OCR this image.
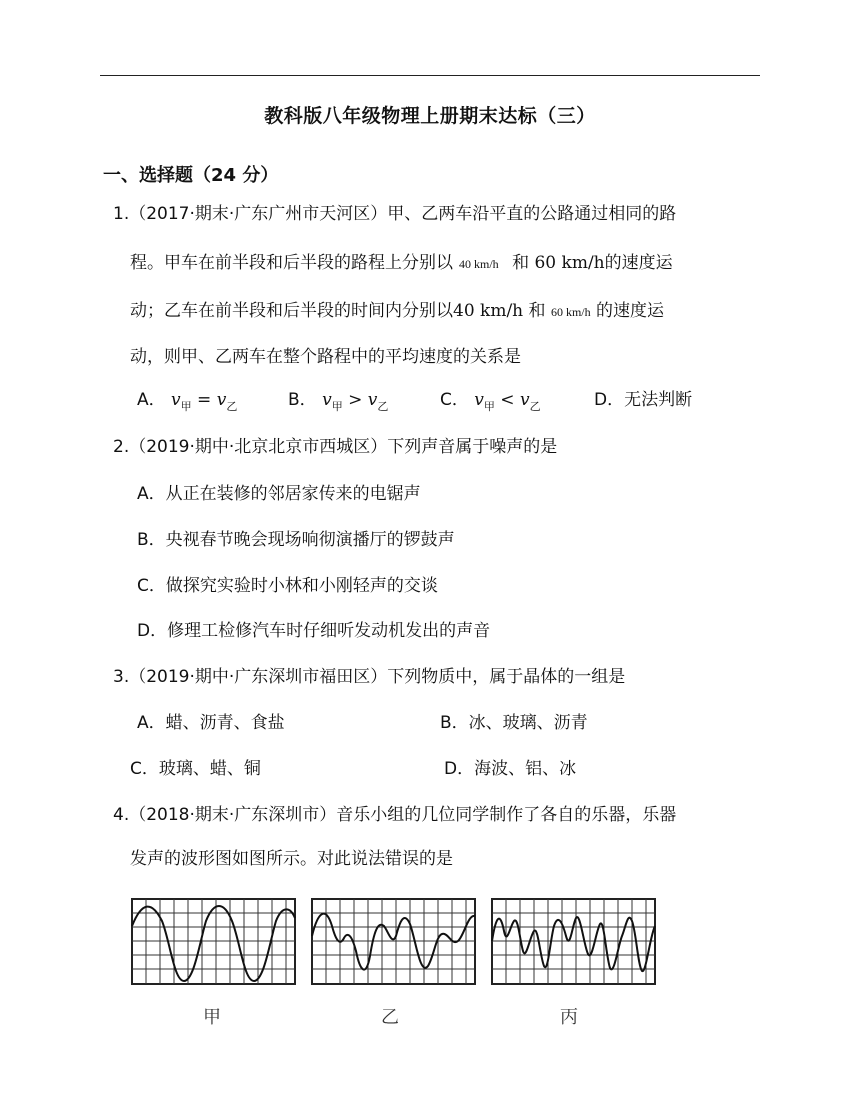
教科版八年级物理上册期末达标（三）
一、选择题（24 分）
1.（2017·期末·广东广州市天河区）甲、乙两车沿平直的公路通过相同的路
程。甲车在前半段和后半段的路程上分别以 40 km/h 和 60 km/h的速度运
动；乙车在前半段和后半段的时间内分别以40 km/h 和 60 km/h 的速度运
动，则甲、乙两车在整个路程中的平均速度的关系是
A． $v_甲 = v_乙$	B． $v_甲 > v_乙$	C． $v_甲 < v_乙$	D．无法判断
2.（2019·期中·北京北京市西城区）下列声音属于噪声的是
A．从正在装修的邻居家传来的电锯声
B．央视春节晚会现场响彻演播厅的锣鼓声
C．做探究实验时小林和小刚轻声的交谈
D．修理工检修汽车时仔细听发动机发出的声音
3.（2019·期中·广东深圳市福田区）下列物质中，属于晶体的一组是
A．蜡、沥青、食盐	B．冰、玻璃、沥青
C．玻璃、蜡、铜	D．海波、铝、冰
4.（2018·期末·广东深圳市）音乐小组的几位同学制作了各自的乐器，乐器
发声的波形图如图所示。对此说法错误的是
甲	乙	丙
